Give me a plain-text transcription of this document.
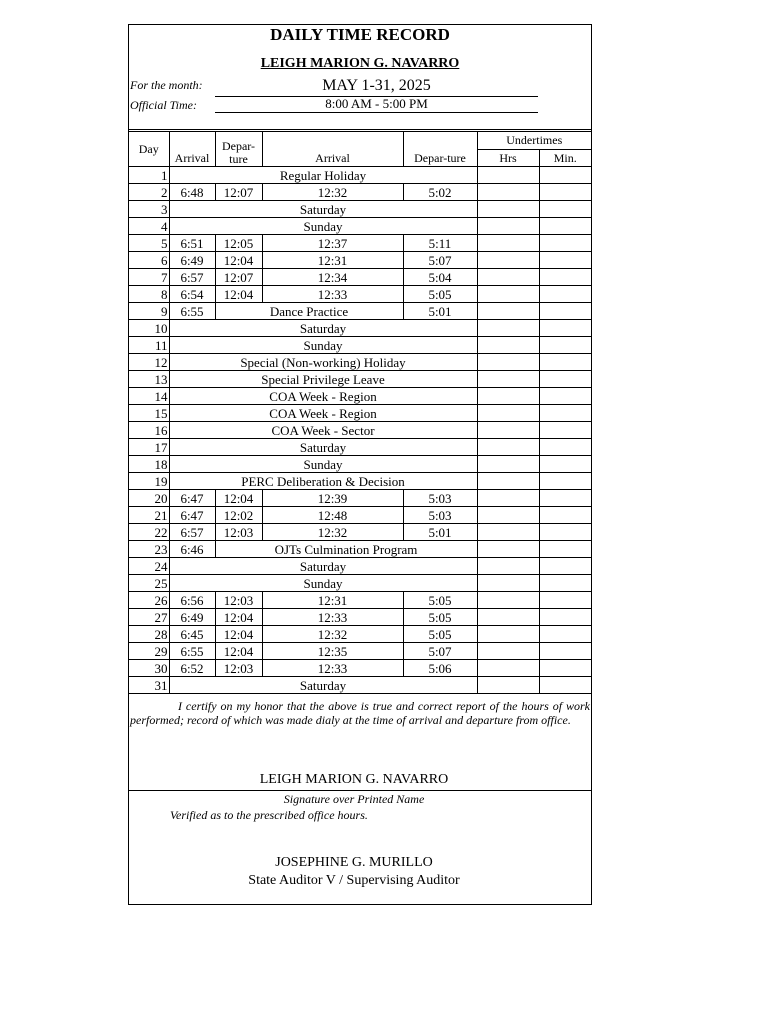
DAILY TIME RECORD
LEIGH MARION G. NAVARRO
For the month:	MAY 1-31, 2025
Official Time:	8:00 AM - 5:00 PM
Day	Arrival	Depar-ture	Arrival	Depar-ture	Undertimes	
					Hrs	Min.
1	Regular Holiday					
2	6:48	12:07	12:32	5:02		
3	Saturday					
4	Sunday					
5	6:51	12:05	12:37	5:11		
6	6:49	12:04	12:31	5:07		
7	6:57	12:07	12:34	5:04		
8	6:54	12:04	12:33	5:05		
9	6:55	Dance Practice		5:01		
10	Saturday					
11	Sunday					
12	Special (Non-working) Holiday					
13	Special Privilege Leave					
14	COA Week - Region					
15	COA Week - Region					
16	COA Week - Sector					
17	Saturday					
18	Sunday					
19	PERC Deliberation & Decision					
20	6:47	12:04	12:39	5:03		
21	6:47	12:02	12:48	5:03		
22	6:57	12:03	12:32	5:01		
23	6:46	OJTs Culmination Program				
24	Saturday					
25	Sunday					
26	6:56	12:03	12:31	5:05		
27	6:49	12:04	12:33	5:05		
28	6:45	12:04	12:32	5:05		
29	6:55	12:04	12:35	5:07		
30	6:52	12:03	12:33	5:06		
31	Saturday					
I certify on my honor that the above is true and correct report of the hours of work performed; record of which was made dialy at the time of arrival and departure from office.
LEIGH MARION G. NAVARRO
Signature over Printed Name
Verified as to the prescribed office hours.
JOSEPHINE G. MURILLO
State Auditor V / Supervising Auditor
